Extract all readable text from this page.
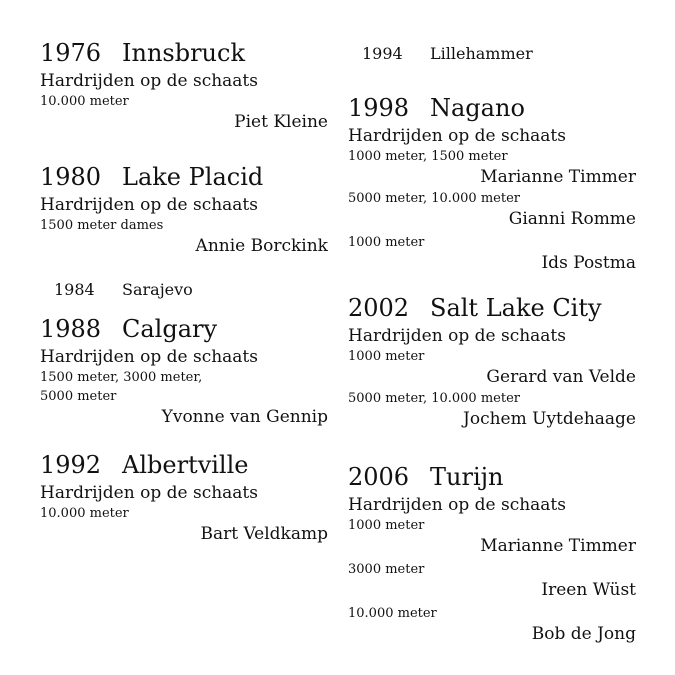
1976 Innsbruck
Hardrijden op de schaats
10.000 meter
Piet Kleine
1980 Lake Placid
Hardrijden op de schaats
1500 meter dames
Annie Borckink
1984 Sarajevo
1988 Calgary
Hardrijden op de schaats
1500 meter, 3000 meter,
5000 meter
Yvonne van Gennip
1992 Albertville
Hardrijden op de schaats
10.000 meter
Bart Veldkamp
1994 Lillehammer
1998 Nagano
Hardrijden op de schaats
1000 meter, 1500 meter
Marianne Timmer
5000 meter, 10.000 meter
Gianni Romme
1000 meter
Ids Postma
2002 Salt Lake City
Hardrijden op de schaats
1000 meter
Gerard van Velde
5000 meter, 10.000 meter
Jochem Uytdehaage
2006 Turijn
Hardrijden op de schaats
1000 meter
Marianne Timmer
3000 meter
Ireen Wüst
10.000 meter
Bob de Jong
